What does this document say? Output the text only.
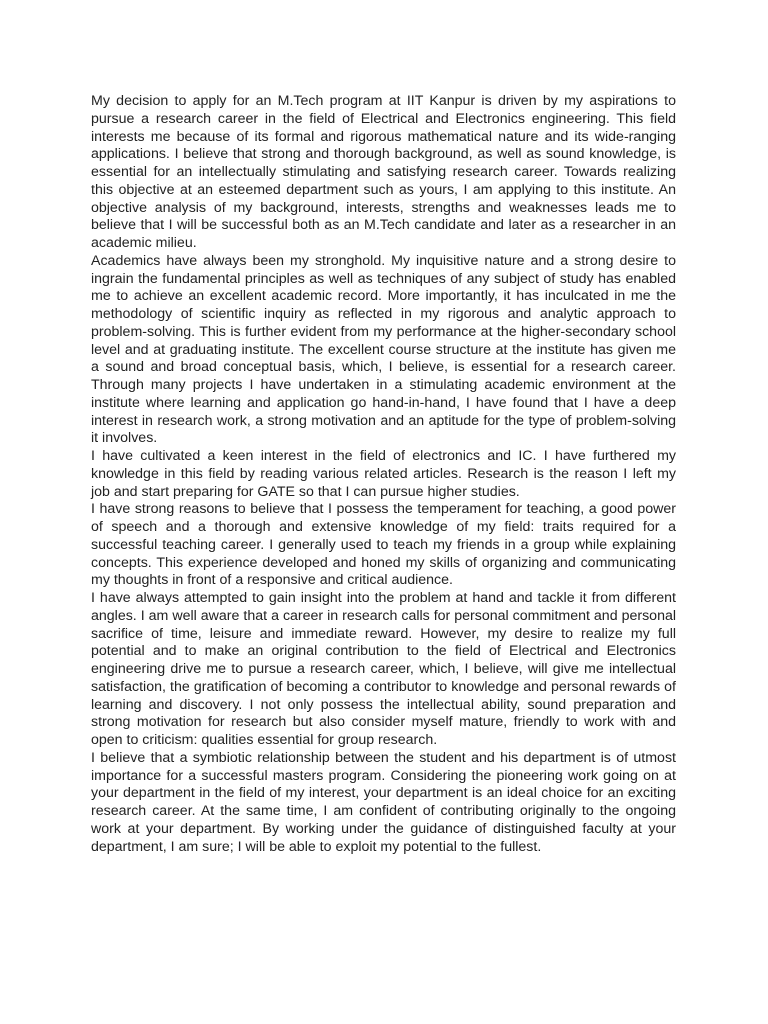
My decision to apply for an M.Tech program at IIT Kanpur is driven by my aspirations to pursue a research career in the field of Electrical and Electronics engineering. This field interests me because of its formal and rigorous mathematical nature and its wide-ranging applications. I believe that strong and thorough background, as well as sound knowledge, is essential for an intellectually stimulating and satisfying research career. Towards realizing this objective at an esteemed department such as yours, I am applying to this institute. An objective analysis of my background, interests, strengths and weaknesses leads me to believe that I will be successful both as an M.Tech candidate and later as a researcher in an academic milieu.

Academics have always been my stronghold. My inquisitive nature and a strong desire to ingrain the fundamental principles as well as techniques of any subject of study has enabled me to achieve an excellent academic record. More importantly, it has inculcated in me the methodology of scientific inquiry as reflected in my rigorous and analytic approach to problem-solving. This is further evident from my performance at the higher-secondary school level and at graduating institute. The excellent course structure at the institute has given me a sound and broad conceptual basis, which, I believe, is essential for a research career. Through many projects I have undertaken in a stimulating academic environment at the institute where learning and application go hand-in-hand, I have found that I have a deep interest in research work, a strong motivation and an aptitude for the type of problem-solving it involves.

I have cultivated a keen interest in the field of electronics and IC. I have furthered my knowledge in this field by reading various related articles. Research is the reason I left my job and start preparing for GATE so that I can pursue higher studies.

I have strong reasons to believe that I possess the temperament for teaching, a good power of speech and a thorough and extensive knowledge of my field: traits required for a successful teaching career. I generally used to teach my friends in a group while explaining concepts. This experience developed and honed my skills of organizing and communicating my thoughts in front of a responsive and critical audience.

I have always attempted to gain insight into the problem at hand and tackle it from different angles. I am well aware that a career in research calls for personal commitment and personal sacrifice of time, leisure and immediate reward. However, my desire to realize my full potential and to make an original contribution to the field of Electrical and Electronics engineering drive me to pursue a research career, which, I believe, will give me intellectual satisfaction, the gratification of becoming a contributor to knowledge and personal rewards of learning and discovery. I not only possess the intellectual ability, sound preparation and strong motivation for research but also consider myself mature, friendly to work with and open to criticism: qualities essential for group research.

I believe that a symbiotic relationship between the student and his department is of utmost importance for a successful masters program. Considering the pioneering work going on at your department in the field of my interest, your department is an ideal choice for an exciting research career. At the same time, I am confident of contributing originally to the ongoing work at your department. By working under the guidance of distinguished faculty at your department, I am sure; I will be able to exploit my potential to the fullest.
